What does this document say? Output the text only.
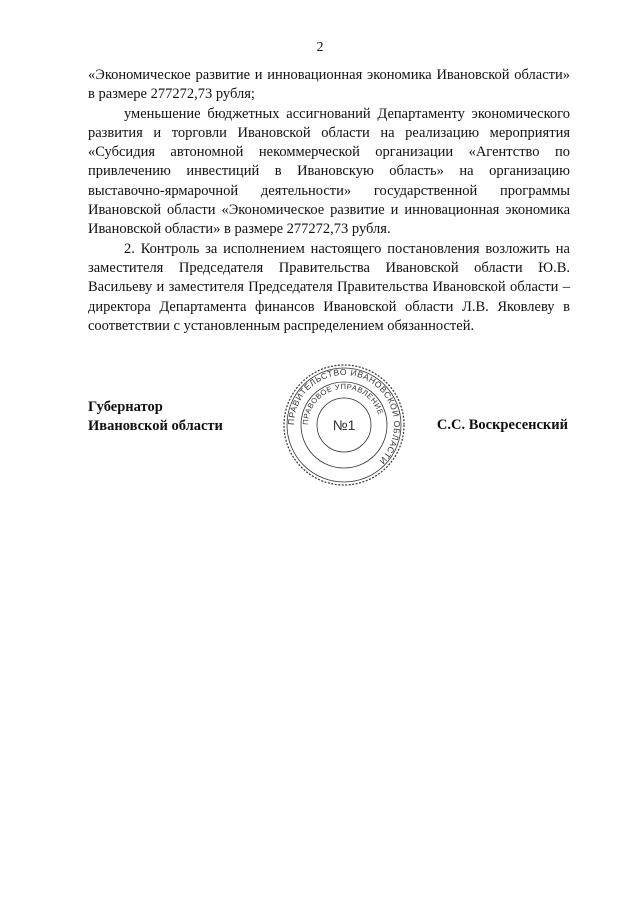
2

«Экономическое развитие и инновационная экономика Ивановской области» в размере 277272,73 рубля;

уменьшение бюджетных ассигнований Департаменту экономического развития и торговли Ивановской области на реализацию мероприятия «Субсидия автономной некоммерческой организации «Агентство по привлечению инвестиций в Ивановскую область» на организацию выставочно-ярмарочной деятельности» государственной программы Ивановской области «Экономическое развитие и инновационная экономика Ивановской области» в размере 277272,73 рубля.

2. Контроль за исполнением настоящего постановления возложить на заместителя Председателя Правительства Ивановской области Ю.В. Васильеву и заместителя Председателя Правительства Ивановской области – директора Департамента финансов Ивановской области Л.В. Яковлеву в соответствии с установленным распределением обязанностей.

Губернатор
Ивановской области	С.С. Воскресенский
ПРАВИТЕЛЬСТВО ИВАНОВСКОЙ ОБЛАСТИ
ПРАВОВОЕ УПРАВЛЕНИЕ
№1
